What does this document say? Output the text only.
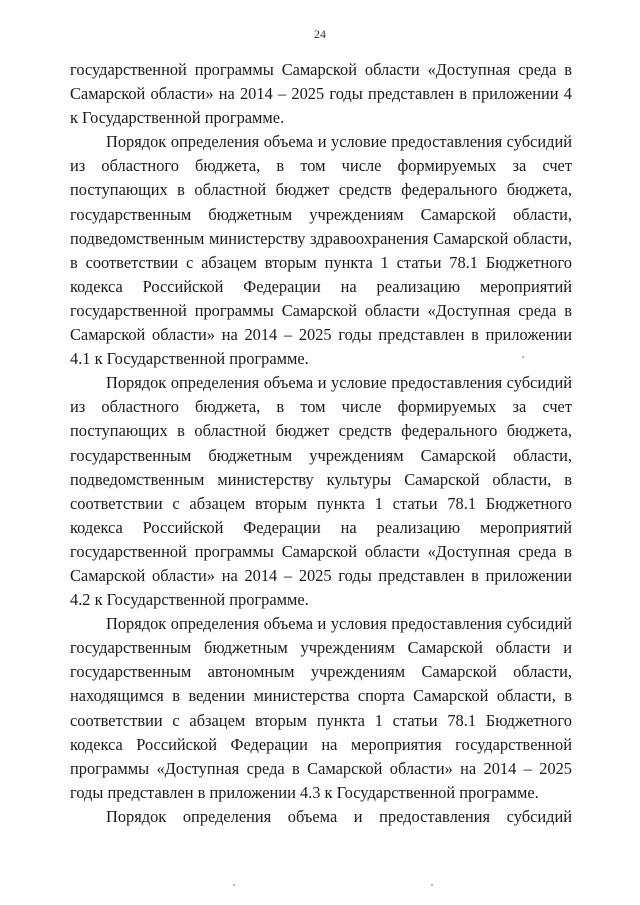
24

государственной программы Самарской области «Доступная среда в Самарской области» на 2014 – 2025 годы представлен в приложении 4 к Государственной программе.

Порядок определения объема и условие предоставления субсидий из областного бюджета, в том числе формируемых за счет поступающих в областной бюджет средств федерального бюджета, государственным бюджетным учреждениям Самарской области, подведомственным министерству здравоохранения Самарской области, в соответствии с абзацем вторым пункта 1 статьи 78.1 Бюджетного кодекса Российской Федерации на реализацию мероприятий государственной программы Самарской области «Доступная среда в Самарской области» на 2014 – 2025 годы представлен в приложении 4.1 к Государственной программе.

Порядок определения объема и условие предоставления субсидий из областного бюджета, в том числе формируемых за счет поступающих в областной бюджет средств федерального бюджета, государственным бюджетным учреждениям Самарской области, подведомственным министерству культуры Самарской области, в соответствии с абзацем вторым пункта 1 статьи 78.1 Бюджетного кодекса Российской Федерации на реализацию мероприятий государственной программы Самарской области «Доступная среда в Самарской области» на 2014 – 2025 годы представлен в приложении 4.2 к Государственной программе.

Порядок определения объема и условия предоставления субсидий государственным бюджетным учреждениям Самарской области и государственным автономным учреждениям Самарской области, находящимся в ведении министерства спорта Самарской области, в соответствии с абзацем вторым пункта 1 статьи 78.1 Бюджетного кодекса Российской Федерации на мероприятия государственной программы «Доступная среда в Самарской области» на 2014 – 2025 годы представлен в приложении 4.3 к Государственной программе.

Порядок определения объема и предоставления субсидий
